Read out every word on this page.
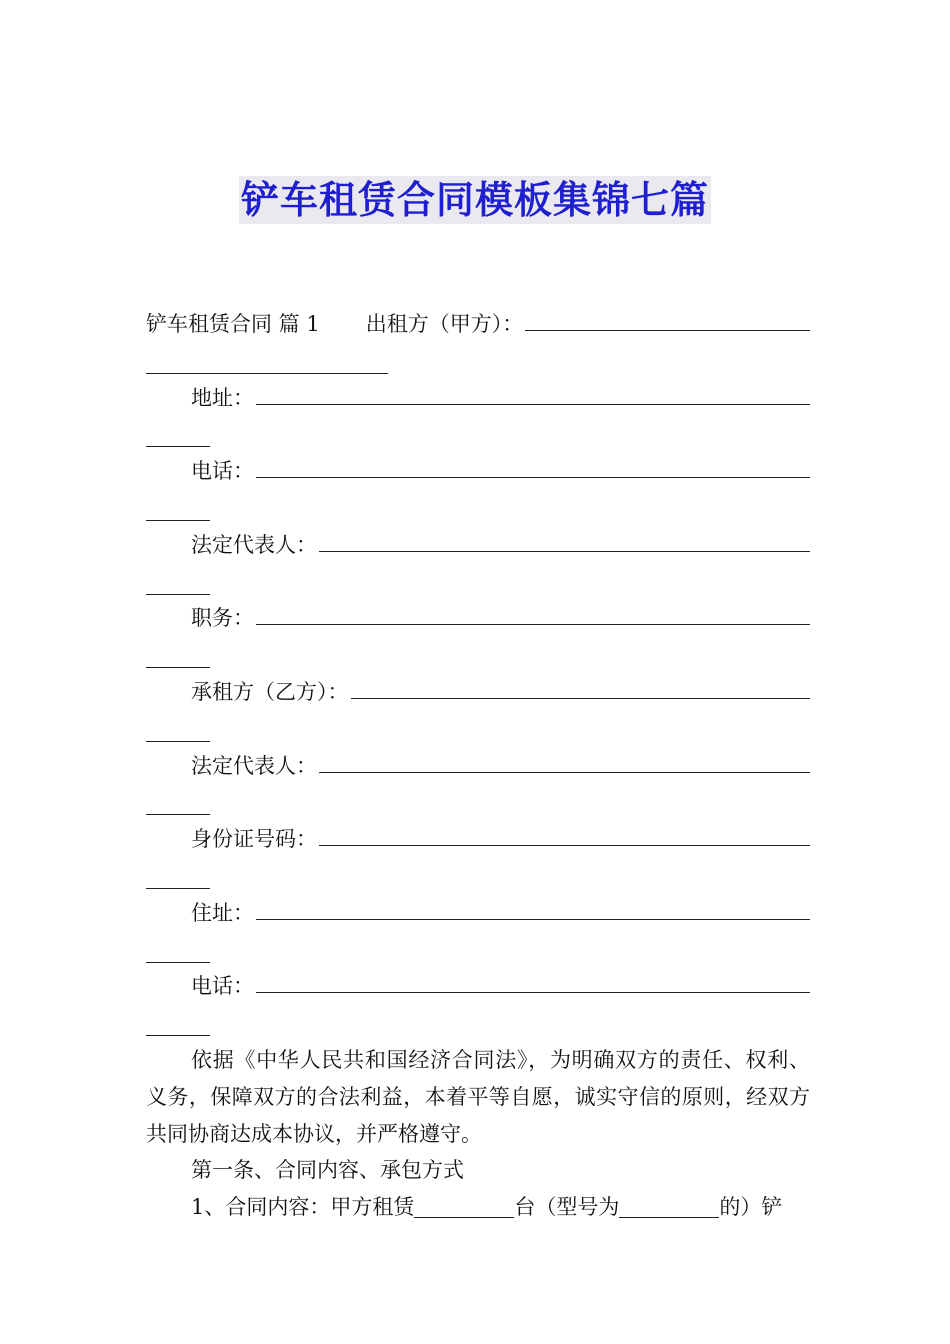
铲车租赁合同模板集锦七篇
铲车租赁合同 篇 1 出租方（甲方）：
地址：
电话：
法定代表人：
职务：
承租方（乙方）：
法定代表人：
身份证号码：
住址：
电话：
依据《中华人民共和国经济合同法》，为明确双方的责任、权利、义务，保障双方的合法利益，本着平等自愿，诚实守信的原则，经双方共同协商达成本协议，并严格遵守。
第一条、合同内容、承包方式
1、合同内容：甲方租赁	台（型号为	的）铲
